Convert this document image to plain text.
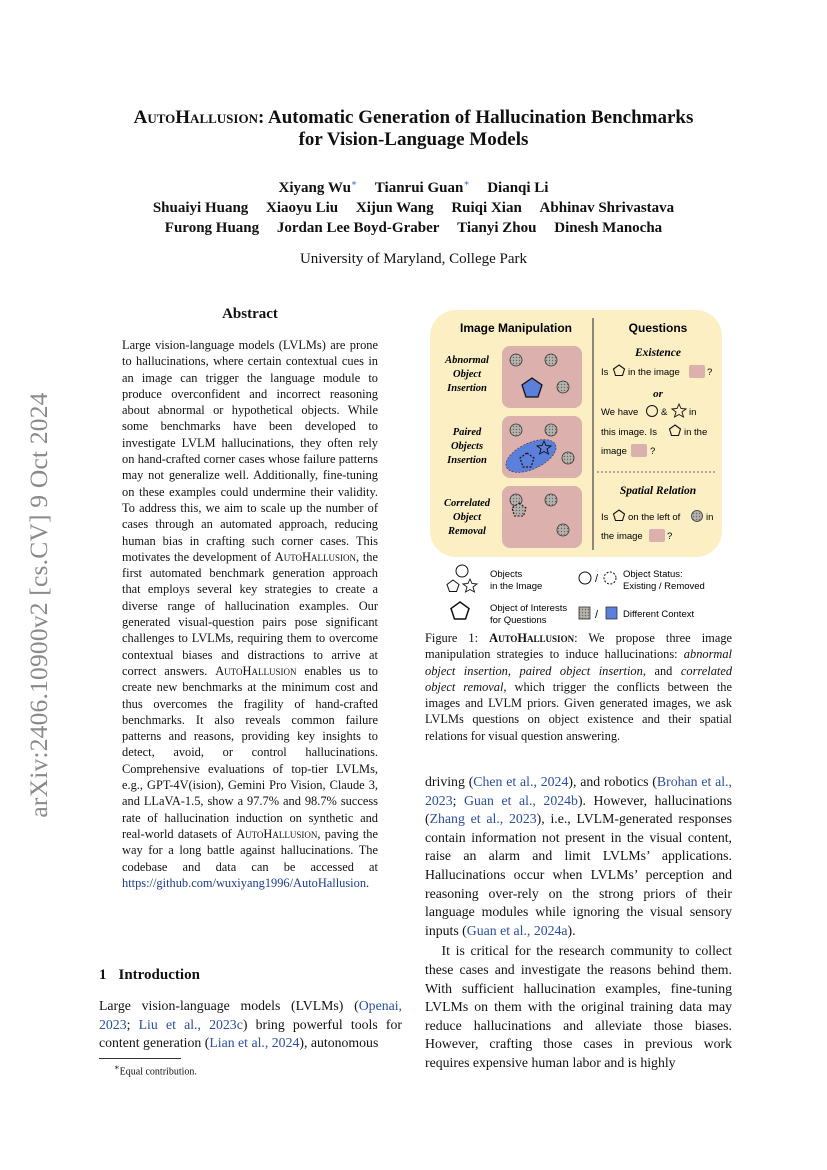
arXiv:2406.10900v2 [cs.CV] 9 Oct 2024
AutoHallusion: Automatic Generation of Hallucination Benchmarks
for Vision-Language Models
Xiyang Wu∗ Tianrui Guan∗ Dianqi Li
Shuaiyi Huang Xiaoyu Liu Xijun Wang Ruiqi Xian Abhinav Shrivastava
Furong Huang Jordan Lee Boyd-Graber Tianyi Zhou Dinesh Manocha
University of Maryland, College Park
Abstract
Large vision-language models (LVLMs) are prone to hallucinations, where certain contextual cues in an image can trigger the language module to produce overconfident and incorrect reasoning about abnormal or hypothetical objects. While some benchmarks have been developed to investigate LVLM hallucinations, they often rely on hand-crafted corner cases whose failure patterns may not generalize well. Additionally, fine-tuning on these examples could undermine their validity. To address this, we aim to scale up the number of cases through an automated approach, reducing human bias in crafting such corner cases. This motivates the development of AutoHallusion, the first automated benchmark generation approach that employs several key strategies to create a diverse range of hallucination examples. Our generated visual-question pairs pose significant challenges to LVLMs, requiring them to overcome contextual biases and distractions to arrive at correct answers. AutoHallusion enables us to create new benchmarks at the minimum cost and thus overcomes the fragility of hand-crafted benchmarks. It also reveals common failure patterns and reasons, providing key insights to detect, avoid, or control hallucinations. Comprehensive evaluations of top-tier LVLMs, e.g., GPT-4V(ision), Gemini Pro Vision, Claude 3, and LLaVA-1.5, show a 97.7% and 98.7% success rate of hallucination induction on synthetic and real-world datasets of AutoHallusion, paving the way for a long battle against hallucinations. The codebase and data can be accessed at https://github.com/wuxiyang1996/AutoHallusion.
1 Introduction
Large vision-language models (LVLMs) (Openai, 2023; Liu et al., 2023c) bring powerful tools for content generation (Lian et al., 2024), autonomous
∗Equal contribution.
Image Manipulation	Questions
Abnormal
Object
Insertion
Paired
Objects
Insertion
Correlated
Object
Removal
Existence
Is in the image	?
We have & in
this image. Is	in the
image ?
Is on the left of	in
the image	?
or
Spatial Relation
Objects
in the Image
/	Object Status:
Existing / Removed
Object of Interests
for Questions	/	Different Context
Figure 1: AutoHallusion: We propose three image manipulation strategies to induce hallucinations: abnormal object insertion, paired object insertion, and correlated object removal, which trigger the conflicts between the images and LVLM priors. Given generated images, we ask LVLMs questions on object existence and their spatial relations for visual question answering.

driving (Chen et al., 2024), and robotics (Brohan et al., 2023; Guan et al., 2024b). However, hallucinations (Zhang et al., 2023), i.e., LVLM-generated responses contain information not present in the visual content, raise an alarm and limit LVLMs’ applications. Hallucinations occur when LVLMs’ perception and reasoning over-rely on the strong priors of their language modules while ignoring the visual sensory inputs (Guan et al., 2024a).

It is critical for the research community to collect these cases and investigate the reasons behind them. With sufficient hallucination examples, fine-tuning LVLMs on them with the original training data may reduce hallucinations and alleviate those biases. However, crafting those cases in previous work requires expensive human labor and is highly
